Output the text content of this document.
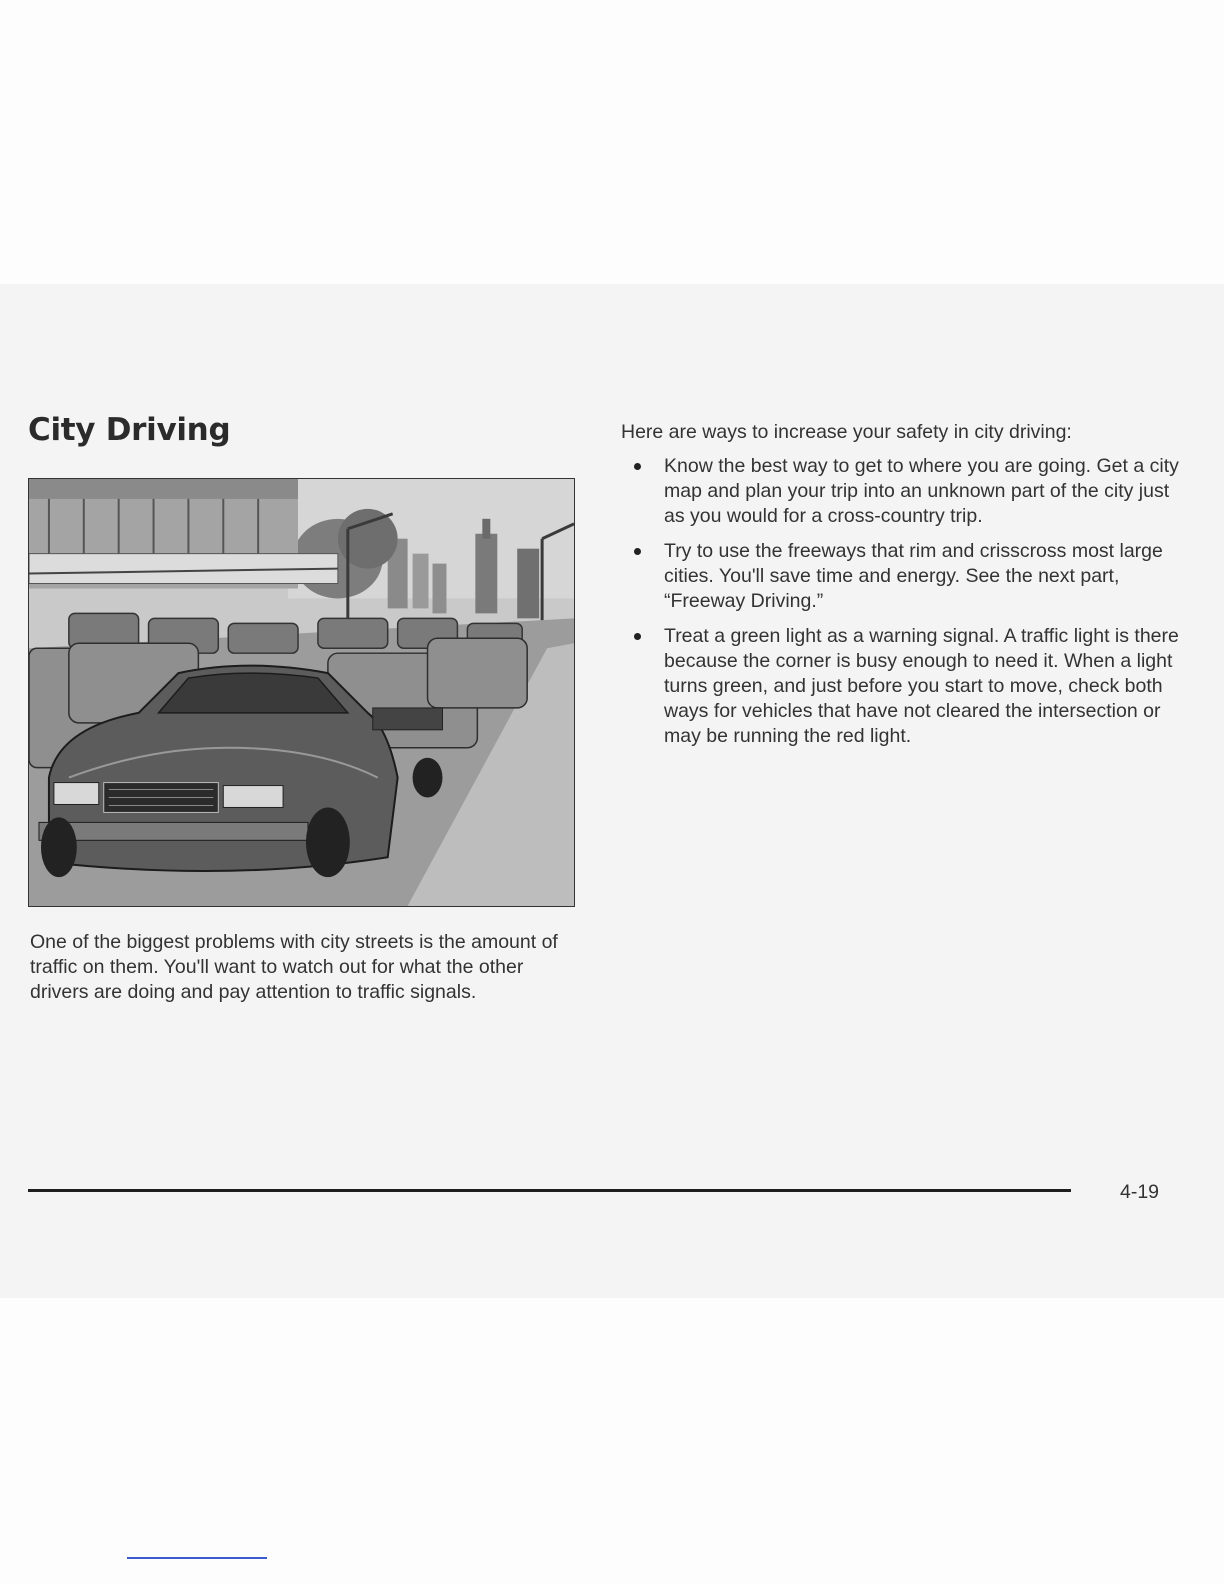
City Driving

One of the biggest problems with city streets is the amount of traffic on them. You'll want to watch out for what the other drivers are doing and pay attention to traffic signals.

Here are ways to increase your safety in city driving:

Know the best way to get to where you are going. Get a city map and plan your trip into an unknown part of the city just as you would for a cross-country trip.
Try to use the freeways that rim and crisscross most large cities. You'll save time and energy. See the next part, “Freeway Driving.”
Treat a green light as a warning signal. A traffic light is there because the corner is busy enough to need it. When a light turns green, and just before you start to move, check both ways for vehicles that have not cleared the intersection or may be running the red light.
4-19
